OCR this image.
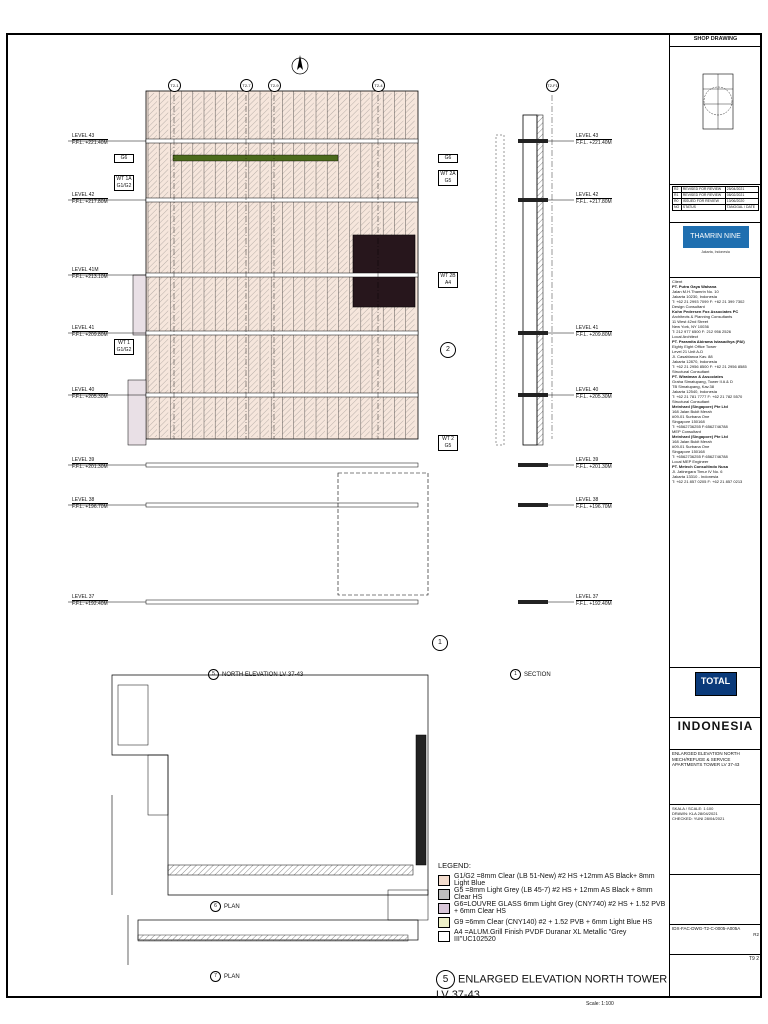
T2-1	T2-7	T2-9	T2-4	T2-F1
LEVEL 43
F.F.L. +221.40M
LEVEL 42
F.F.L. +217.80M
LEVEL 41M
F.F.L. +213.10M
LEVEL 41
F.F.L. +209.80M
LEVEL 40
F.F.L. +205.30M
LEVEL 39
F.F.L. +201.30M
LEVEL 38
F.F.L. +196.70M
LEVEL 37
F.F.L. +192.40M
LEVEL 43
F.F.L. +221.40M
LEVEL 42
F.F.L. +217.80M
LEVEL 41
F.F.L. +209.80M
LEVEL 40
F.F.L. +205.30M
LEVEL 39
F.F.L. +201.30M
LEVEL 38
F.F.L. +196.70M
LEVEL 37
F.F.L. +192.40M
G6
WT 1A
G1/G2
WT 1
G1/G2
G6
WT 2A
G5
WT 2B
A4
WT 2
G5
1
2
5 NORTH ELEVATION LV 37-43	1 SECTION
6 PLAN
7 PLAN
LEGEND:
G1/G2 =8mm Clear (LB 51-New) #2 HS +12mm AS Black+ 8mm Light Blue
G5 =8mm Light Grey (LB 45-7) #2 HS + 12mm AS Black + 8mm Clear HS
G6=LOUVRE GLASS 6mm Light Grey (CNY740) #2 HS + 1.52 PVB + 6mm Clear HS
G9 =6mm Clear (CNY140) #2 + 1.52 PVB + 6mm Light Blue HS
A4 =ALUM.Grill Finish PVDF Duranar XL Metallic "Grey III"UC102520
5 ENLARGED ELEVATION NORTH TOWER LV 37-43
Scale: 1:100
SHOP DRAWING
R2	REVISED FOR REVIEW	25/04/2021
R1	REVISED FOR REVIEW	08/02/2021
R0	ISSUED FOR REVIEW	10/06/2020
NO	STATUS	TANGGAL / DATE
THAMRIN NINE
Jakarta, Indonesia
Client
PT. Putra Gaya Wahana
Jalan M.H.Thamrin No. 10
Jakarta 10230, Indonesia
T: +62 21 2993 7099 F: +62 21 399 7302
Design Consultant
Kohn Pedersen Fox Associates PC
Architects & Planning Consultants
11 West 42nd Street
New York, NY 10036
T: 212 977 6500 F: 212 956 2526
Local Architect
PT. Paramita Abirama Istasadhya (PAI)
Eighty Eight Office Tower
Level 21 Unit A-D
Jl. Casablanca Kav. 88
Jakarta 12870, Indonesia
T: +62 21 2956 8500 F: +62 21 2956 8585
Structural Consultant
PT. Wiratman & Associates
Graha Simatupang, Tower II A & D
TB Simatupang, Kav.38
Jakarta 12540, Indonesia
T: +62 21 781 7777 F: +62 21 782 5570
Structural Consultant
Meinhard (Singapore) Pte Ltd
168 Jalan Bukit Merah
#09-01 Surbana One
Singapore 150168
T: +6562736255 F:6562746788
MEP Consultant
Meinhard (Singapore) Pte Ltd
168 Jalan Bukit Merah
#09-01 Surbana One
Singapore 150168
T: +6562736255 F:6562746788
Local MEP Engineer
PT. Metech Consultindo Nusa
Jl. Jatinegara Timur IV No. 6
Jakarta 13310 - Indonesia
T: +62 21 857 0205 F: +62 21 857 0213
TOTAL
INDONESIA
ENLARGED ELEVATION NORTH MECH/REFUGE & SERVICE APARTMENTS TOWER LV 37-43
SKALA / SCALE: 1:100
DRAWN: KLA 28/04/2021
CHECKED: YUNI 28/04/2021
IDX-FAC-DWG-T2-C-0005-A005A
R2
T9 2
